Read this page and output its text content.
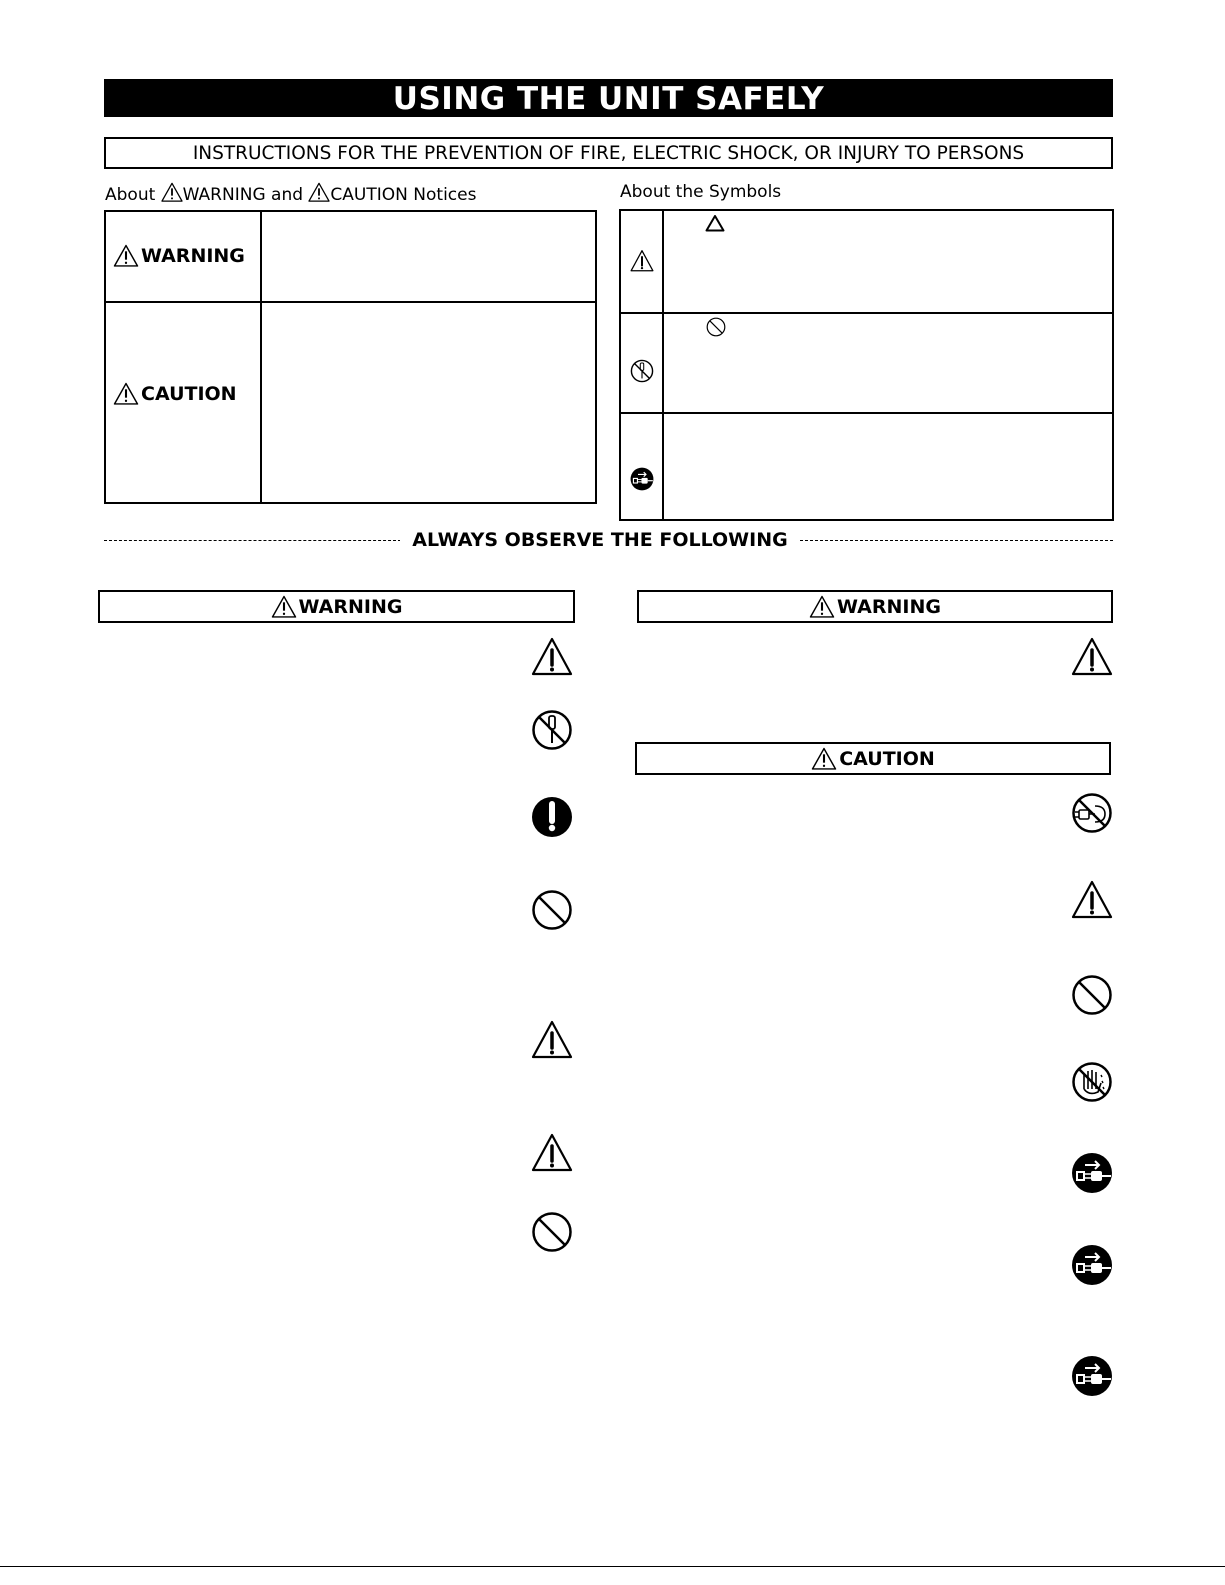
USING THE UNIT SAFELY
INSTRUCTIONS FOR THE PREVENTION OF FIRE, ELECTRIC SHOCK, OR INJURY TO PERSONS
About WARNING and CAUTION Notices
WARNING
CAUTION
About the Symbols
ALWAYS OBSERVE THE FOLLOWING
WARNING	WARNING
CAUTION
